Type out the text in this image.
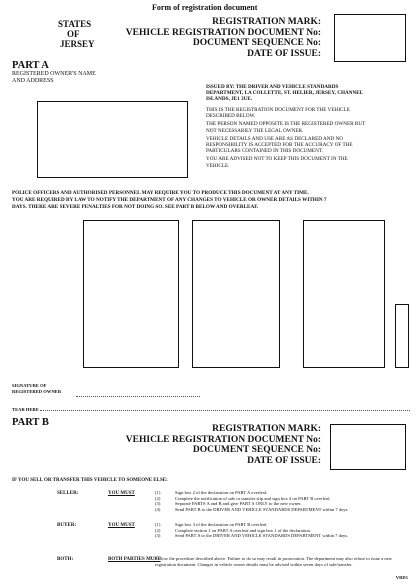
Form of registration document
STATES
OF
JERSEY
REGISTRATION MARK:
VEHICLE REGISTRATION DOCUMENT No:
DOCUMENT SEQUENCE No:
DATE OF ISSUE:
PART A
REGISTERED OWNER'S NAME
AND ADDRESS
ISSUED BY: THE DRIVER AND VEHICLE STANDARDS
DEPARTMENT, LA COLLETTE, ST. HELIER, JERSEY, CHANNEL
ISLANDS, JE1 3UE.
THIS IS THE REGISTRATION DOCUMENT FOR THE VEHICLE
DESCRIBED BELOW.
THE PERSON NAMED OPPOSITE IS THE REGISTERED OWNER BUT
NOT NECESSARILY THE LEGAL OWNER.
VEHICLE DETAILS AND USE ARE AS DECLARED AND NO
RESPONSIBILITY IS ACCEPTED FOR THE ACCURACY OF THE
PARTICULARS CONTAINED IN THIS DOCUMENT.
YOU ARE ADVISED NOT TO KEEP THIS DOCUMENT IN THE
VEHICLE.
POLICE OFFICERS AND AUTHORISED PERSONNEL MAY REQUIRE YOU TO PRODUCE THIS DOCUMENT AT ANY TIME.
YOU ARE REQUIRED BY LAW TO NOTIFY THE DEPARTMENT OF ANY CHANGES TO VEHICLE OR OWNER DETAILS WITHIN 7
DAYS. THERE ARE SEVERE PENALTIES FOR NOT DOING SO. SEE PART B BELOW AND OVERLEAF.
SIGNATURE OF
REGISTERED OWNER
TEAR HERE
PART B
REGISTRATION MARK:
VEHICLE REGISTRATION DOCUMENT No:
DOCUMENT SEQUENCE No:
DATE OF ISSUE:
IF YOU SELL OR TRANSFER THIS VEHICLE TO SOMEONE ELSE:
SELLER:	YOU MUST	(1)	Sign box 2 of the declaration on PART A overleaf.
(2)	Complete the notification of sale or transfer slip and sign box 4 on PART B overleaf.
(3)	Separate PARTS A and B and give PART A ONLY to the new owner.
(4)	Send PART B to the DRIVER AND VEHICLE STANDARDS DEPARTMENT within 7 days.
BUYER:	YOU MUST	(1)	Sign box 3 of the declaration on PART B overleaf.
(2)	Complete section 1 on PART A overleaf and sign box 1 of the declaration.
(3)	Send PART A to the DRIVER AND VEHICLE STANDARDS DEPARTMENT within 7 days.
BOTH:	BOTH PARTIES MUST
Follow the procedure described above. Failure to do so may result in prosecution. The department may also refuse to issue a new registration document. Changes in vehicle owner details must be advised within seven days of sale/transfer.
VRD1
